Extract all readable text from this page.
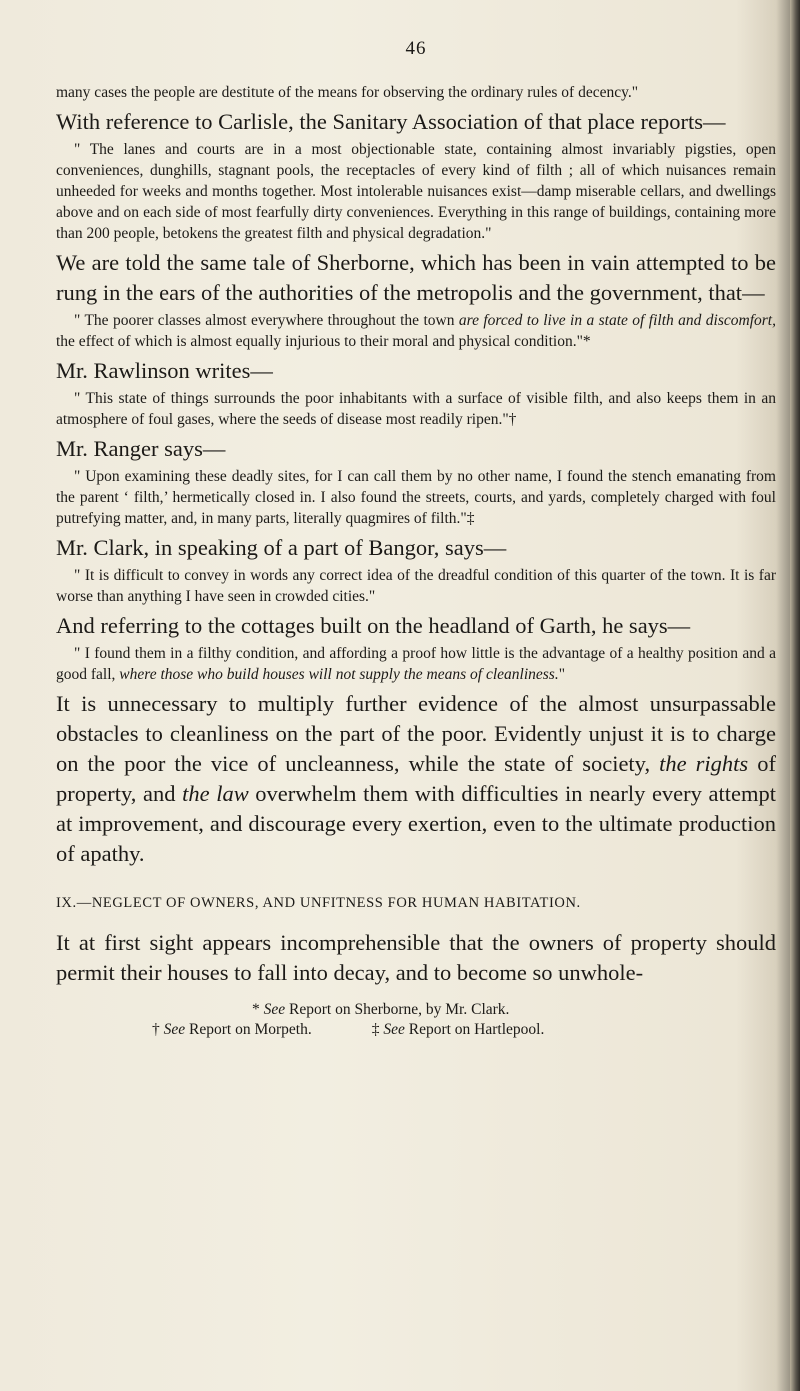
46

many cases the people are destitute of the means for observing the ordinary rules of decency."

With reference to Carlisle, the Sanitary Association of that place reports—

" The lanes and courts are in a most objectionable state, containing almost invariably pigsties, open conveniences, dunghills, stagnant pools, the receptacles of every kind of filth ; all of which nuisances remain unheeded for weeks and months together. Most intolerable nuisances exist—damp miserable cellars, and dwellings above and on each side of most fearfully dirty conveniences. Everything in this range of buildings, containing more than 200 people, betokens the greatest filth and physical degradation."

We are told the same tale of Sherborne, which has been in vain attempted to be rung in the ears of the authorities of the metropolis and the government, that—

" The poorer classes almost everywhere throughout the town are forced to live in a state of filth and discomfort, the effect of which is almost equally injurious to their moral and physical condition."*

Mr. Rawlinson writes—

" This state of things surrounds the poor inhabitants with a surface of visible filth, and also keeps them in an atmosphere of foul gases, where the seeds of disease most readily ripen."†

Mr. Ranger says—

" Upon examining these deadly sites, for I can call them by no other name, I found the stench emanating from the parent ‘ filth,’ hermetically closed in. I also found the streets, courts, and yards, completely charged with foul putrefying matter, and, in many parts, literally quagmires of filth."‡

Mr. Clark, in speaking of a part of Bangor, says—

" It is difficult to convey in words any correct idea of the dreadful condition of this quarter of the town. It is far worse than anything I have seen in crowded cities."

And referring to the cottages built on the headland of Garth, he says—

" I found them in a filthy condition, and affording a proof how little is the advantage of a healthy position and a good fall, where those who build houses will not supply the means of cleanliness."

It is unnecessary to multiply further evidence of the almost unsurpassable obstacles to cleanliness on the part of the poor. Evidently unjust it is to charge on the poor the vice of uncleanness, while the state of society, the rights of property, and the law overwhelm them with difficulties in nearly every attempt at improvement, and discourage every exertion, even to the ultimate production of apathy.

IX.—NEGLECT OF OWNERS, AND UNFITNESS FOR HUMAN HABITATION.

It at first sight appears incomprehensible that the owners of property should permit their houses to fall into decay, and to become so unwhole-

* See Report on Sherborne, by Mr. Clark.
† See Report on Morpeth.	‡ See Report on Hartlepool.
